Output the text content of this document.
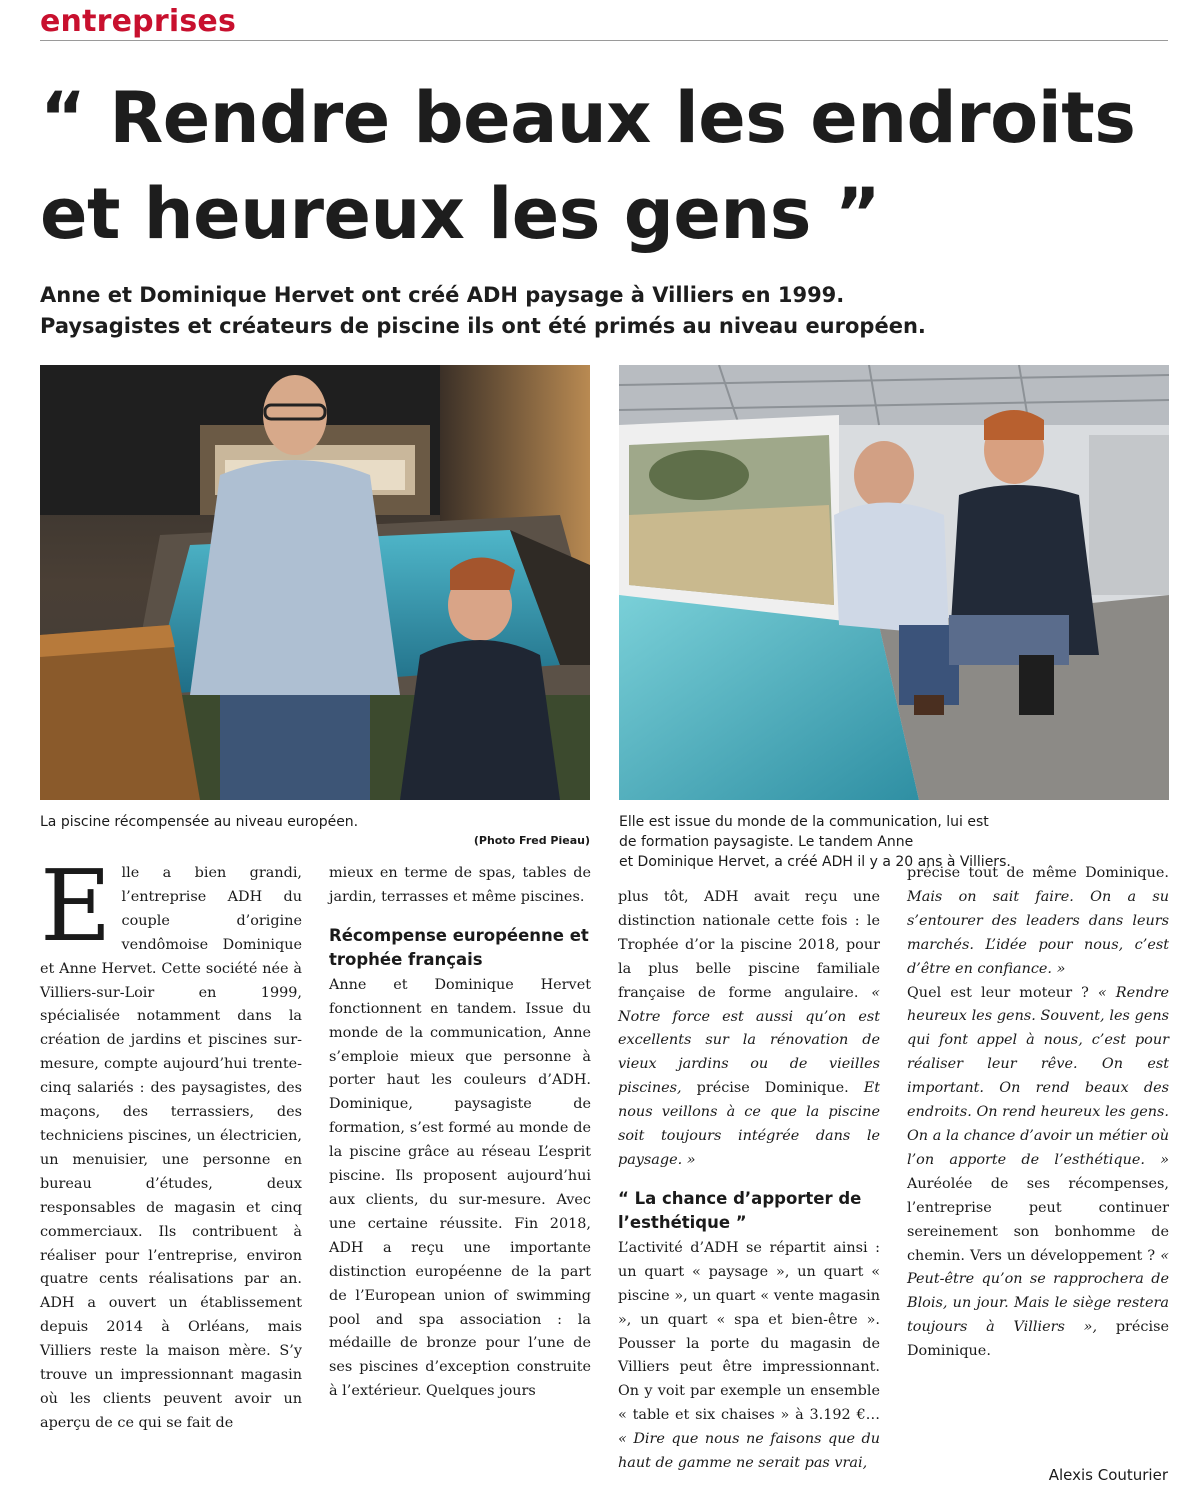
entreprises
“ Rendre beaux les endroits
et heureux les gens ”
Anne et Dominique Hervet ont créé ADH paysage à Villiers en 1999.
Paysagistes et créateurs de piscine ils ont été primés au niveau européen.
La piscine récompensée au niveau européen.
(Photo Fred Pieau)
Elle est issue du monde de la communication, lui est
de formation paysagiste. Le tandem Anne
et Dominique Hervet, a créé ADH il y a 20 ans à Villiers.

Elle a bien grandi, l’entreprise ADH du couple d’origine vendômoise Dominique et Anne Hervet. Cette société née à Villiers-sur-Loir en 1999, spécialisée notamment dans la création de jardins et piscines sur-mesure, compte aujourd’hui trente-cinq salariés : des paysagistes, des maçons, des terrassiers, des techniciens piscines, un électricien, un menuisier, une personne en bureau d’études, deux responsables de magasin et cinq commerciaux. Ils contribuent à réaliser pour l’entreprise, environ quatre cents réalisations par an. ADH a ouvert un établissement depuis 2014 à Orléans, mais Villiers reste la maison mère. S’y trouve un impressionnant magasin où les clients peuvent avoir un aperçu de ce qui se fait de

mieux en terme de spas, tables de jardin, terrasses et même piscines.

Récompense européenne et trophée français

Anne et Dominique Hervet fonctionnent en tandem. Issue du monde de la communication, Anne s’emploie mieux que personne à porter haut les couleurs d’ADH. Dominique, paysagiste de formation, s’est formé au monde de la piscine grâce au réseau L’esprit piscine. Ils proposent aujourd’hui aux clients, du sur-mesure. Avec une certaine réussite. Fin 2018, ADH a reçu une importante distinction européenne de la part de l’European union of swimming pool and spa association : la médaille de bronze pour l’une de ses piscines d’exception construite à l’extérieur. Quelques jours

plus tôt, ADH avait reçu une distinction nationale cette fois : le Trophée d’or la piscine 2018, pour la plus belle piscine familiale française de forme angulaire. « Notre force est aussi qu’on est excellents sur la rénovation de vieux jardins ou de vieilles piscines, précise Dominique. Et nous veillons à ce que la piscine soit toujours intégrée dans le paysage. »

“ La chance d’apporter de l’esthétique ”

L’activité d’ADH se répartit ainsi : un quart « paysage », un quart « piscine », un quart « vente magasin », un quart « spa et bien-être ». Pousser la porte du magasin de Villiers peut être impressionnant. On y voit par exemple un ensemble « table et six chaises » à 3.192 €… « Dire que nous ne faisons que du haut de gamme ne serait pas vrai,

précise tout de même Dominique. Mais on sait faire. On a su s’entourer des leaders dans leurs marchés. L’idée pour nous, c’est d’être en confiance. »

Quel est leur moteur ? « Rendre heureux les gens. Souvent, les gens qui font appel à nous, c’est pour réaliser leur rêve. On est important. On rend beaux des endroits. On rend heureux les gens. On a la chance d’avoir un métier où l’on apporte de l’esthétique. » Auréolée de ses récompenses, l’entreprise peut continuer sereinement son bonhomme de chemin. Vers un développement ? « Peut-être qu’on se rapprochera de Blois, un jour. Mais le siège restera toujours à Villiers », précise Dominique.

Alexis Couturier
